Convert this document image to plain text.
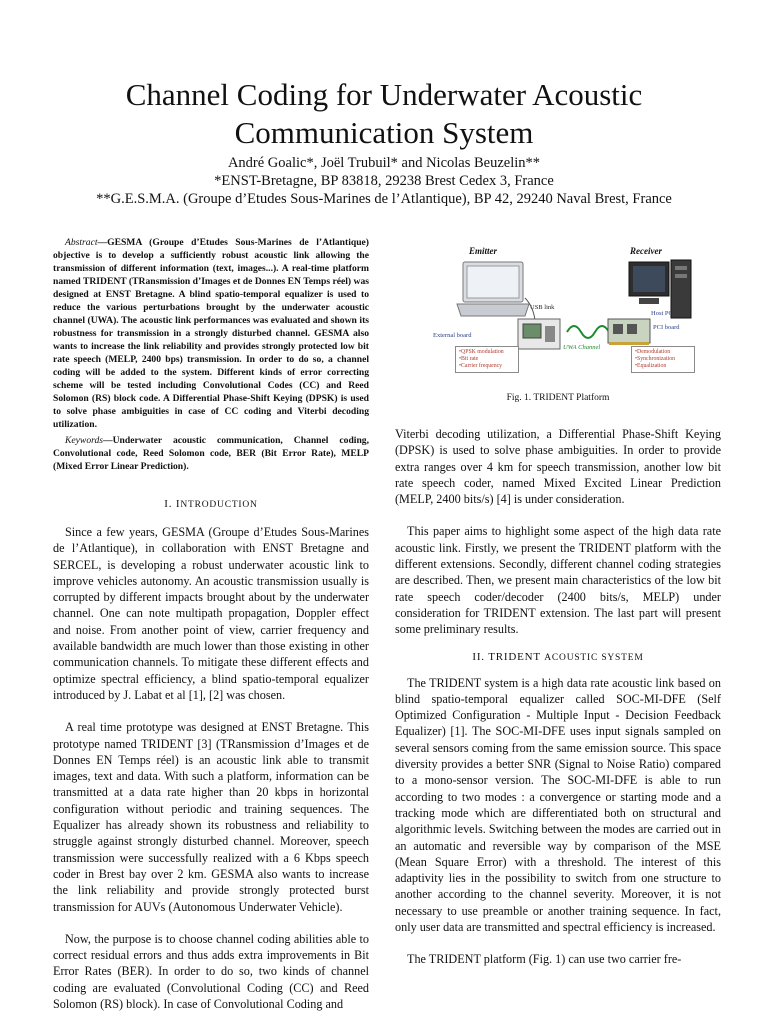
Channel Coding for Underwater Acoustic Communication System
André Goalic*, Joël Trubuil* and Nicolas Beuzelin**
*ENST-Bretagne, BP 83818, 29238 Brest Cedex 3, France
**G.E.S.M.A. (Groupe d’Etudes Sous-Marines de l’Atlantique), BP 42, 29240 Naval Brest, France

Abstract—GESMA (Groupe d’Etudes Sous-Marines de l’Atlantique) objective is to develop a sufficiently robust acoustic link allowing the transmission of different information (text, images...). A real-time platform named TRIDENT (TRansmission d’Images et de Donnes EN Temps réel) was designed at ENST Bretagne. A blind spatio-temporal equalizer is used to reduce the various perturbations brought by the underwater acoustic channel (UWA). The acoustic link performances was evaluated and shown its robustness for transmission in a strongly disturbed channel. GESMA also wants to increase the link reliability and provides strongly protected low bit rate speech (MELP, 2400 bps) transmission. In order to do so, a channel coding will be added to the system. Different kinds of error correcting scheme will be tested including Convolutional Codes (CC) and Reed Solomon (RS) block code. A Differential Phase-Shift Keying (DPSK) is used to solve phase ambiguities in case of CC coding and Viterbi decoding utilization.

Keywords—Underwater acoustic communication, Channel coding, Convolutional code, Reed Solomon code, BER (Bit Error Rate), MELP (Mixed Error Linear Prediction).

I. INTRODUCTION

Since a few years, GESMA (Groupe d’Etudes Sous-Marines de l’Atlantique), in collaboration with ENST Bretagne and SERCEL, is developing a robust underwater acoustic link to improve vehicles autonomy. An acoustic transmission usually is corrupted by different impacts brought about by the underwater channel. One can note multipath propagation, Doppler effect and noise. From another point of view, carrier frequency and available bandwidth are much lower than those existing in other communication channels. To mitigate these different effects and optimize spectral efficiency, a blind spatio-temporal equalizer introduced by J. Labat et al [1], [2] was chosen.

A real time prototype was designed at ENST Bretagne. This prototype named TRIDENT [3] (TRansmission d’Images et de Donnes EN Temps réel) is an acoustic link able to transmit images, text and data. With such a platform, information can be transmitted at a data rate higher than 20 kbps in horizontal configuration without periodic and training sequences. The Equalizer has already shown its robustness and reliability to struggle against strongly disturbed channel. Moreover, speech transmission were successfully realized with a 6 Kbps speech coder in Brest bay over 2 km. GESMA also wants to increase the link reliability and provide strongly protected burst transmission for AUVs (Autonomous Underwater Vehicle).

Now, the purpose is to choose channel coding abilities able to correct residual errors and thus adds extra improvements in Bit Error Rates (BER). In order to do so, two kinds of channel coding are evaluated (Convolutional Coding (CC) and Reed Solomon (RS) block). In case of Convolutional Coding and

Emitter	Receiver
USB link
External board
UWA Channel
Host PC
PCI board
•QPSK modulation
•Bit rate
•Carrier frequency
•Demodulation
•Synchronization
•Equalization
Fig. 1. TRIDENT Platform

Viterbi decoding utilization, a Differential Phase-Shift Keying (DPSK) is used to solve phase ambiguities. In order to provide extra ranges over 4 km for speech transmission, another low bit rate speech coder, named Mixed Excited Linear Prediction (MELP, 2400 bits/s) [4] is under consideration.

This paper aims to highlight some aspect of the high data rate acoustic link. Firstly, we present the TRIDENT platform with the different extensions. Secondly, different channel coding strategies are described. Then, we present main characteristics of the low bit rate speech coder/decoder (2400 bits/s, MELP) under consideration for TRIDENT extension. The last part will present some preliminary results.

II. TRIDENT ACOUSTIC SYSTEM

The TRIDENT system is a high data rate acoustic link based on blind spatio-temporal equalizer called SOC-MI-DFE (Self Optimized Configuration - Multiple Input - Decision Feedback Equalizer) [1]. The SOC-MI-DFE uses input signals sampled on several sensors coming from the same emission source. This space diversity provides a better SNR (Signal to Noise Ratio) compared to a mono-sensor version. The SOC-MI-DFE is able to run according to two modes : a convergence or starting mode and a tracking mode which are differentiated both on structural and algorithmic levels. Switching between the modes are carried out in an automatic and reversible way by comparison of the MSE (Mean Square Error) with a threshold. The interest of this adaptivity lies in the possibility to switch from one structure to another according to the channel severity. Moreover, it is not necessary to use preamble or another training sequence. In fact, only user data are transmitted and spectral efficiency is increased.

The TRIDENT platform (Fig. 1) can use two carrier fre-
